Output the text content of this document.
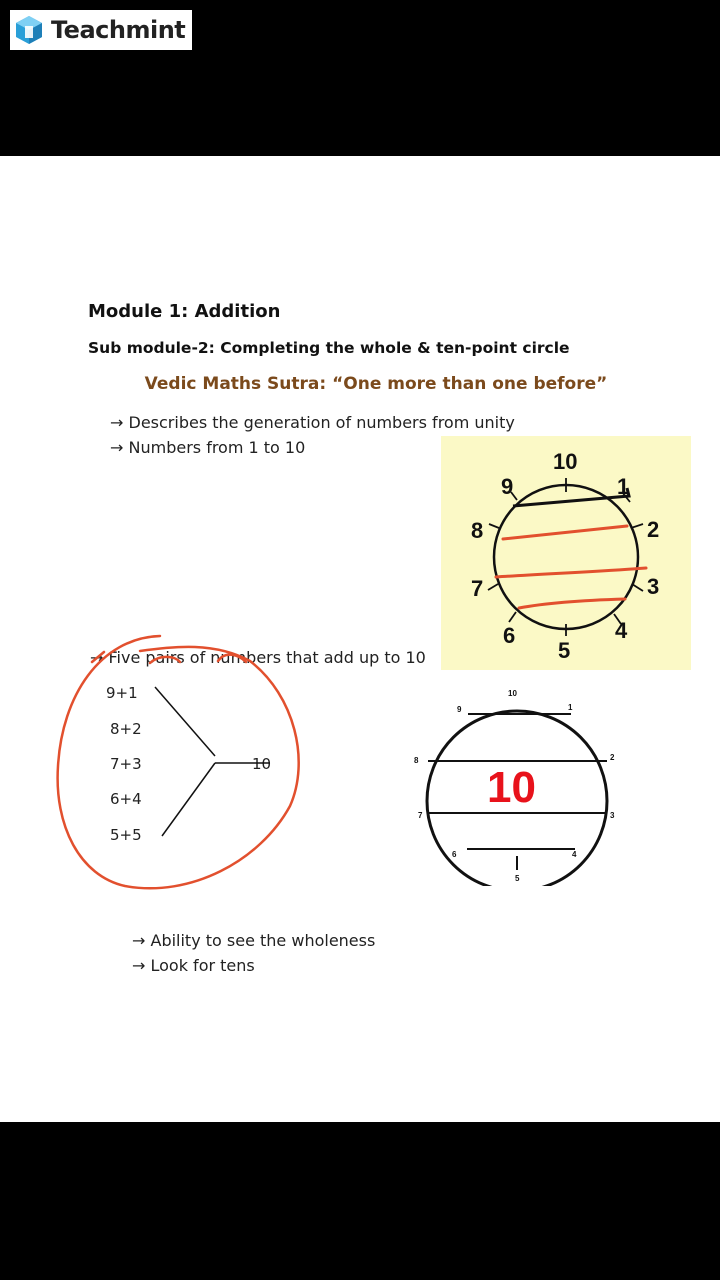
Teachmint
Module 1: Addition
Sub module-2: Completing the whole & ten-point circle
Vedic Maths Sutra: “One more than one before”
→ Describes the generation of numbers from unity
→ Numbers from 1 to 10
10
1
2
3
4
5
6
7
8
9
→ Five pairs of numbers that add up to 10
9+1
8+2
7+3
6+4
5+5
10
10
1
2
3
4
5
6
7
8
9
10
→ Ability to see the wholeness
→ Look for tens
